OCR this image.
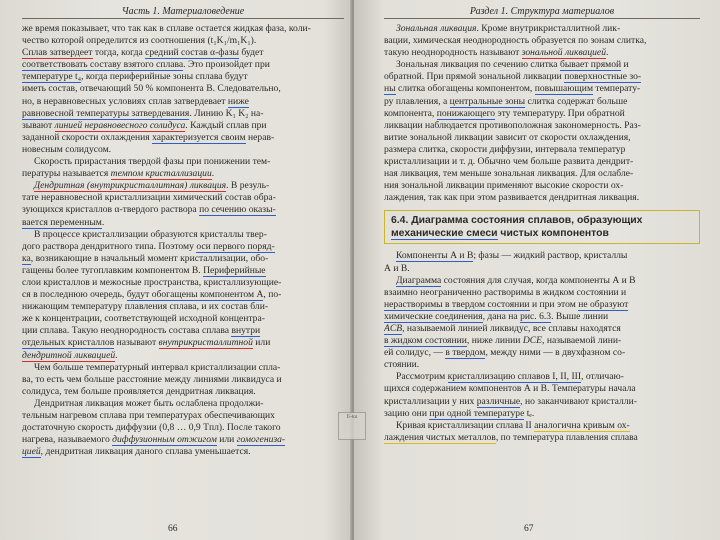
Часть 1. Материаловедение

же время показывает, что так как в сплаве остается жидкая фаза, коли-

чество которой определится из соотношения (t₁K₁/m₁K₁).

Сплав затвердеет тогда, когда средний состав α-фазы будет

соответствовать составу взятого сплава. Это произойдет при

температуре t₄, когда периферийные зоны сплава будут

иметь состав, отвечающий 50 % компонента В. Следовательно,

но, в неравновесных условиях сплав затвердевает ниже

равновесной температуры затвердевания. Линию K₁ K₂ на-

зывают линией неравновесного солидуса. Каждый сплав при

заданной скорости охлаждения характеризуется своим нерав-

новесным солидусом.

Скорость прирастания твердой фазы при понижении тем-

пературы называется темпом кристаллизации.

Дендритная (внутрикристаллитная) ликвация. В резуль-

тате неравновесной кристаллизации химический состав обра-

зующихся кристаллов α-твердого раствора по сечению оказы-

вается переменным.

В процессе кристаллизации образуются кристаллы твер-

дого раствора дендритного типа. Поэтому оси первого поряд-

ка, возникающие в начальный момент кристаллизации, обо-

гащены более тугоплавким компонентом В. Периферийные

слои кристаллов и межосные пространства, кристаллизующие-

ся в последнюю очередь, будут обогащены компонентом А, по-

нижающим температуру плавления сплава, и их состав бли-

же к концентрации, соответствующей исходной концентра-

ции сплава. Такую неоднородность состава сплава внутри

отдельных кристаллов называют внутрикристаллитной или

дендритной ликвацией.

Чем больше температурный интервал кристаллизации спла-

ва, то есть чем больше расстояние между линиями ликвидуса и

солидуса, тем больше проявляется дендритная ликвация.

Дендритная ликвация может быть ослаблена продолжи-

тельным нагревом сплава при температурах обеспечивающих

достаточную скорость диффузии (0,8 … 0,9 Tпл). После такого

нагрева, называемого диффузионным отжигом или гомогениза-

цией, дендритная ликвация даного сплава уменьшается.

66
Раздел 1. Структура материалов

Зональная ликвация. Кроме внутрикристаллитной лик-

вации, химическая неоднородность образуется по зонам слитка,

такую неоднородность называют зональной ликвацией.

Зональная ликвация по сечению слитка бывает прямой и

обратной. При прямой зональной ликвации поверхностные зо-

ны слитка обогащены компонентом, повышающим температу-

ру плавления, а центральные зоны слитка содержат больше

компонента, понижающего эту температуру. При обратной

ликвации наблюдается противоположная закономерность. Раз-

витие зональной ликвации зависит от скорости охлаждения,

размера слитка, скорости диффузии, интервала температур

кристаллизации и т. д. Обычно чем больше развита дендрит-

ная ликвация, тем меньше зональная ликвация. Для ослабле-

ния зональной ликвации применяют высокие скорости ох-

лаждения, так как при этом развивается дендритная ликвация.

6.4. Диаграмма состояния сплавов, образующих
механические смеси чистых компонентов

Компоненты А и В; фазы — жидкий раствор, кристаллы

А и В.

Диаграмма состояния для случая, когда компоненты А и В

взаимно неограниченно растворимы в жидком состоянии и

нерастворимы в твердом состоянии и при этом не образуют

химические соединения, дана на рис. 6.3. Выше линии

ACB, называемой линией ликвидус, все сплавы находятся

в жидком состоянии, ниже линии DCE, называемой лини-

ей солидус, — в твердом, между ними — в двухфазном со-

стоянии.

Рассмотрим кристаллизацию сплавов I, II, III, отличаю-

щихся содержанием компонентов А и В. Температуры начала

кристаллизации у них различные, но заканчивают кристалли-

зацию они при одной температуре tₑ.

Кривая кристаллизации сплава II аналогична кривым ох-

лаждения чистых металлов, по температура плавления сплава

67
Б-ка
